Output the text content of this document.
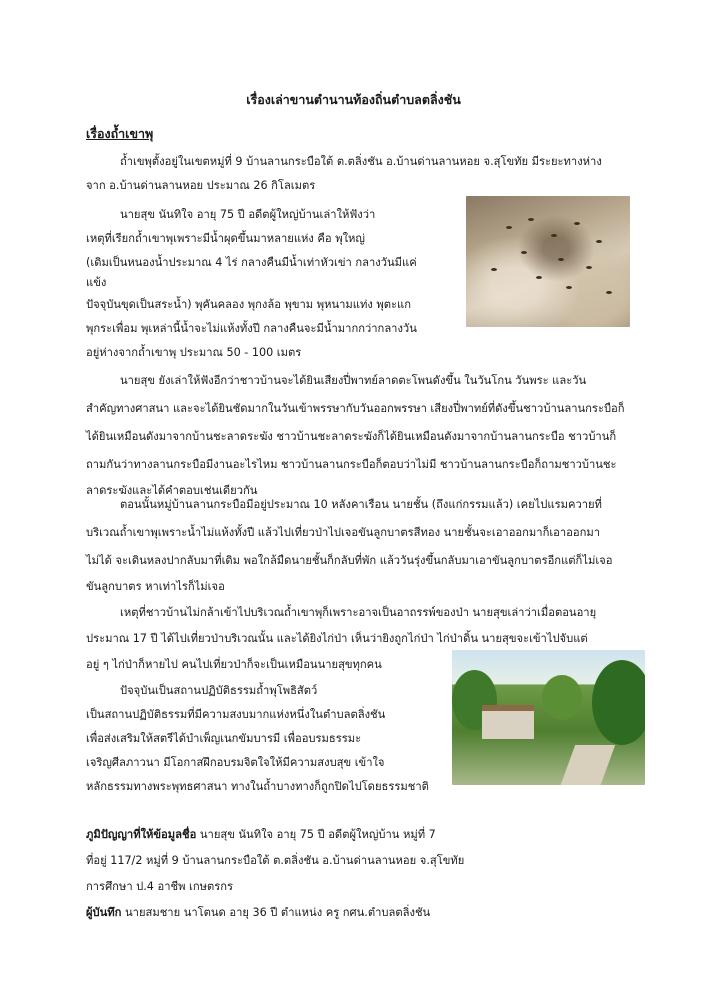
เรื่องเล่าขานตำนานท้องถิ่นตำบลตลิ่งชัน
เรื่องถ้ำเขาพุ
ถ้ำเขพุตั้งอยู่ในเขตหมู่ที่ 9 บ้านลานกระบือใต้ ต.ตลิ่งชัน อ.บ้านด่านลานหอย จ.สุโขทัย มีระยะทางห่าง
จาก อ.บ้านด่านลานหอย ประมาณ 26 กิโลเมตร
นายสุข นันทิใจ อายุ 75 ปี อดีตผู้ใหญ่บ้านเล่าให้ฟังว่า
เหตุที่เรียกถ้ำเขาพุเพราะมีน้ำผุดขึ้นมาหลายแห่ง คือ พุใหญ่
(เดิมเป็นหนองน้ำประมาณ 4 ไร่ กลางคืนมีน้ำเท่าหัวเข่า กลางวันมีแค่
แข้ง
ปัจจุบันขุดเป็นสระน้ำ) พุคันคลอง พุกงล้อ พุขาม พุหนามแท่ง พุตะแก
พุกระเพื่อม พุเหล่านี้น้ำจะไม่แห้งทั้งปี กลางคืนจะมีน้ำมากกว่ากลางวัน
อยู่ห่างจากถ้ำเขาพุ ประมาณ 50 - 100 เมตร
นายสุข ยังเล่าให้ฟังอีกว่าชาวบ้านจะได้ยินเสียงปี่พาทย์ลาดตะโพนดังขึ้น ในวันโกน วันพระ และวัน
สำคัญทางศาสนา และจะได้ยินชัดมากในวันเข้าพรรษากับวันออกพรรษา เสียงปี่พาทย์ที่ดังขึ้นชาวบ้านลานกระบือก็
ได้ยินเหมือนดังมาจากบ้านชะลาดระฆัง ชาวบ้านชะลาดระฆังก็ได้ยินเหมือนดังมาจากบ้านลานกระบือ ชาวบ้านก็
ถามกันว่าทางลานกระบือมีงานอะไรไหม ชาวบ้านลานกระบือก็ตอบว่าไม่มี ชาวบ้านลานกระบือก็ถามชาวบ้านชะ
ลาดระฆังและได้คำตอบเช่นเดียวกัน
ตอนนั้นหมู่บ้านลานกระบือมีอยู่ประมาณ 10 หลังคาเรือน นายชั้น (ถึงแก่กรรมแล้ว) เคยไปแรมควายที่
บริเวณถ้ำเขาพุเพราะน้ำไม่แห้งทั้งปี แล้วไปเที่ยวป่าไปเจอขันลูกบาตรสีทอง นายชั้นจะเอาออกมาก็เอาออกมา
ไม่ได้ จะเดินหลงปากลับมาที่เดิม พอใกล้มืดนายชั้นก็กลับที่พัก แล้ววันรุ่งขึ้นกลับมาเอาขันลูกบาตรอีกแต่ก็ไม่เจอ
ขันลูกบาตร หาเท่าไรก็ไม่เจอ
เหตุที่ชาวบ้านไม่กล้าเข้าไปบริเวณถ้ำเขาพุก็เพราะอาจเป็นอาถรรพ์ของป่า นายสุขเล่าว่าเมื่อตอนอายุ
ประมาณ 17 ปี ได้ไปเที่ยวป่าบริเวณนั้น และได้ยิงไก่ป่า เห็นว่ายิงถูกไก่ป่า ไก่ป่าดิ้น นายสุขจะเข้าไปจับแต่
อยู่ ๆ ไก่ป่าก็หายไป คนไปเที่ยวป่าก็จะเป็นเหมือนนายสุขทุกคน
ปัจจุบันเป็นสถานปฏิบัติธรรมถ้ำพุโพธิสัตว์
เป็นสถานปฏิบัติธรรมที่มีความสงบมากแห่งหนึ่งในตำบลตลิ่งชัน
เพื่อส่งเสริมให้สตรีได้บำเพ็ญเนกขัมบารมี เพื่ออบรมธรรมะ
เจริญศีลภาวนา มีโอกาสฝึกอบรมจิตใจให้มีความสงบสุข เข้าใจ
หลักธรรมทางพระพุทธศาสนา ทางในถ้ำบางทางก็ถูกปิดไปโดยธรรมชาติ
ภูมิปัญญาที่ให้ข้อมูลชื่อ นายสุข นันทิใจ อายุ 75 ปี อดีตผู้ใหญ่บ้าน หมู่ที่ 7
ที่อยู่ 117/2 หมู่ที่ 9 บ้านลานกระบือใต้ ต.ตลิ่งชัน อ.บ้านด่านลานหอย จ.สุโขทัย
การศึกษา ป.4 อาชีพ เกษตรกร
ผู้บันทึก นายสมชาย นาโตนด อายุ 36 ปี ตำแหน่ง ครู กศน.ตำบลตลิ่งชัน
